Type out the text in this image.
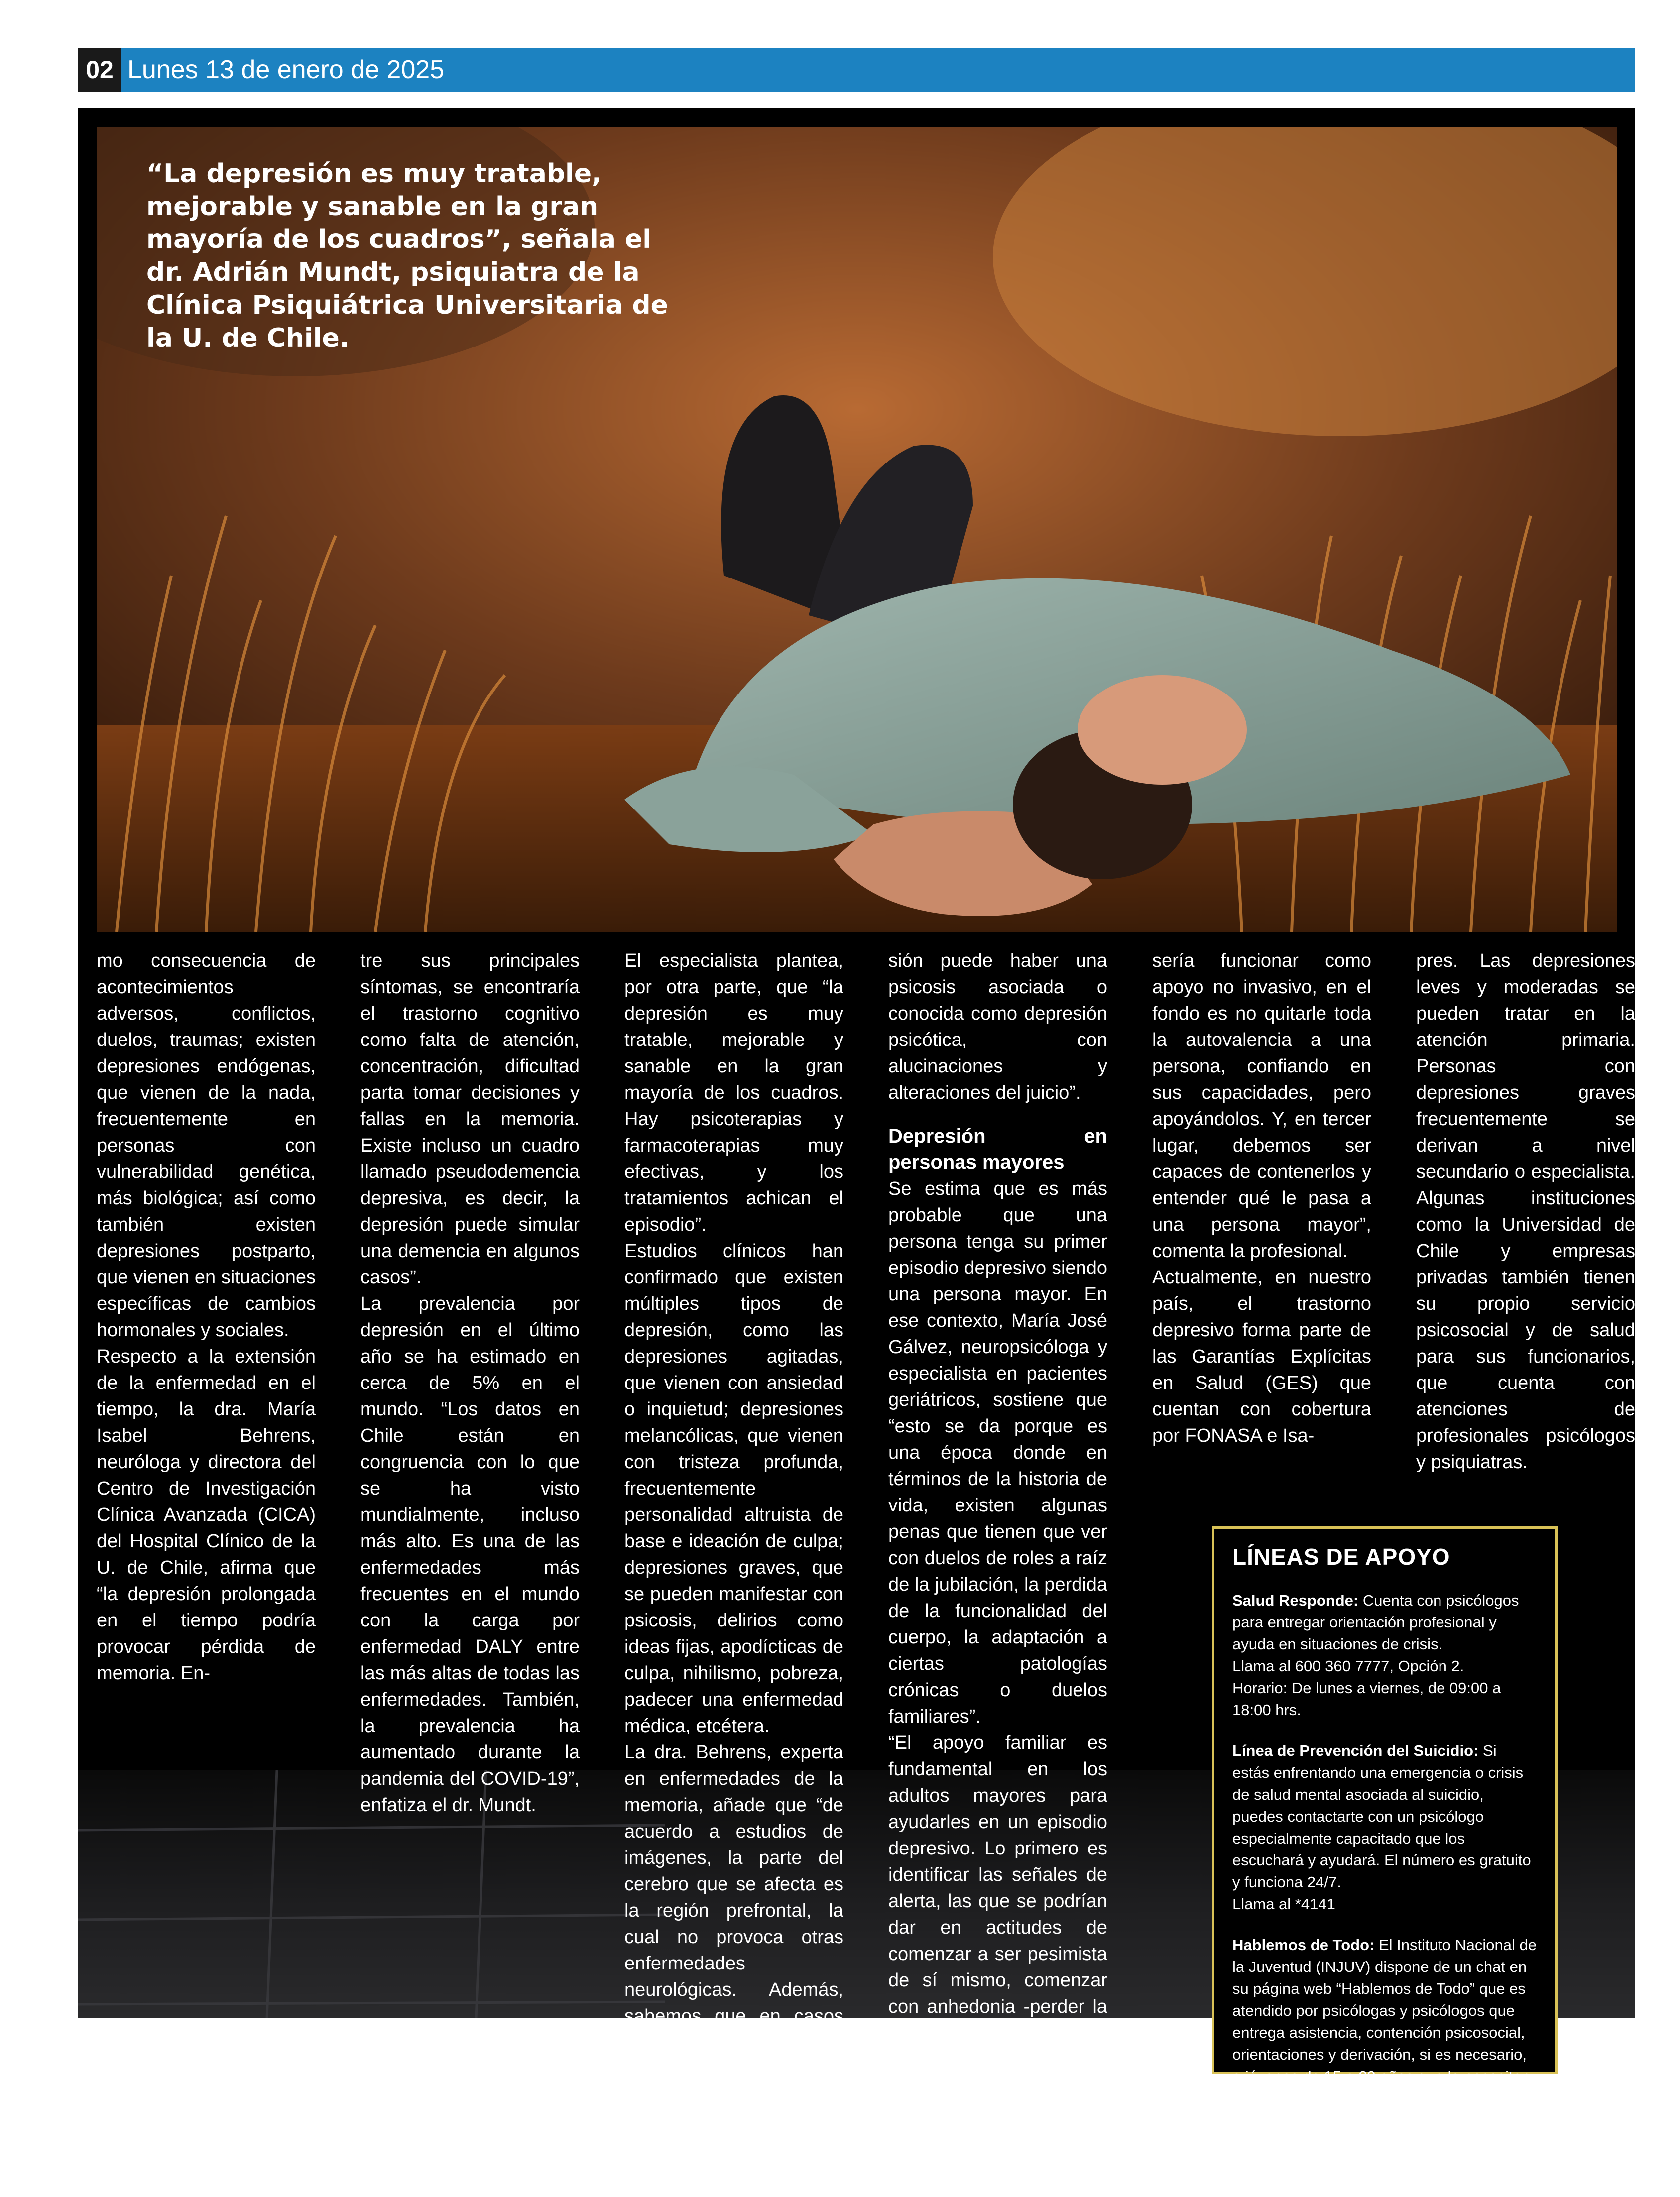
02 Lunes 13 de enero de 2025
“La depresión es muy tratable, mejorable y sanable en la gran mayoría de los cuadros”, señala el dr. Adrián Mundt, psiquiatra de la Clínica Psiquiátrica Universitaria de la U. de Chile.

mo consecuencia de acontecimientos adversos, conflictos, duelos, traumas; existen depresiones endógenas, que vienen de la nada, frecuentemente en personas con vulnerabilidad genética, más biológica; así como también existen depresiones postparto, que vienen en situaciones específicas de cambios hormonales y sociales.

Respecto a la extensión de la enfermedad en el tiempo, la dra. María Isabel Behrens, neuróloga y directora del Centro de Investigación Clínica Avanzada (CICA) del Hospital Clínico de la U. de Chile, afirma que “la depresión prolongada en el tiempo podría provocar pérdida de memoria. En-

tre sus principales síntomas, se encontraría el trastorno cognitivo como falta de atención, concentración, dificultad parta tomar decisiones y fallas en la memoria. Existe incluso un cuadro llamado pseudodemencia depresiva, es decir, la depresión puede simular una demencia en algunos casos”.

La prevalencia por depresión en el último año se ha estimado en cerca de 5% en el mundo. “Los datos en Chile están en congruencia con lo que se ha visto mundialmente, incluso más alto. Es una de las enfermedades más frecuentes en el mundo con la carga por enfermedad DALY entre las más altas de todas las enfermedades. También, la prevalencia ha aumentado durante la pandemia del COVID-19”, enfatiza el dr. Mundt.

El especialista plantea, por otra parte, que “la depresión es muy tratable, mejorable y sanable en la gran mayoría de los cuadros. Hay psicoterapias y farmacoterapias muy efectivas, y los tratamientos achican el episodio”.

Estudios clínicos han confirmado que existen múltiples tipos de depresión, como las depresiones agitadas, que vienen con ansiedad o inquietud; depresiones melancólicas, que vienen con tristeza profunda, frecuentemente personalidad altruista de base e ideación de culpa; depresiones graves, que se pueden manifestar con psicosis, delirios como ideas fijas, apodícticas de culpa, nihilismo, pobreza, padecer una enfermedad médica, etcétera.

La dra. Behrens, experta en enfermedades de la memoria, añade que “de acuerdo a estudios de imágenes, la parte del cerebro que se afecta es la región prefrontal, la cual no provoca otras enfermedades neurológicas. Además, sabemos que en casos severos de depre-

sión puede haber una psicosis asociada o conocida como depresión psicótica, con alucinaciones y alteraciones del juicio”.

Depresión en personas mayores

Se estima que es más probable que una persona tenga su primer episodio depresivo siendo una persona mayor. En ese contexto, María José Gálvez, neuropsicóloga y especialista en pacientes geriátricos, sostiene que “esto se da porque es una época donde en términos de la historia de vida, existen algunas penas que tienen que ver con duelos de roles a raíz de la jubilación, la perdida de la funcionalidad del cuerpo, la adaptación a ciertas patologías crónicas o duelos familiares”.

“El apoyo familiar es fundamental en los adultos mayores para ayudarles en un episodio depresivo. Lo primero es identificar las señales de alerta, las que se podrían dar en actitudes de comenzar a ser pesimista de sí mismo, comenzar con anhedonia -perder la capacidad del goce, de experimentar placer-. Segundo,

sería funcionar como apoyo no invasivo, en el fondo es no quitarle toda la autovalencia a una persona, confiando en sus capacidades, pero apoyándolos. Y, en tercer lugar, debemos ser capaces de contenerlos y entender qué le pasa a una persona mayor”, comenta la profesional.

Actualmente, en nuestro país, el trastorno depresivo forma parte de las Garantías Explícitas en Salud (GES) que cuentan con cobertura por FONASA e Isa-

pres. Las depresiones leves y moderadas se pueden tratar en la atención primaria. Personas con depresiones graves frecuentemente se derivan a nivel secundario o especialista. Algunas instituciones como la Universidad de Chile y empresas privadas también tienen su propio servicio psicosocial y de salud para sus funcionarios, que cuenta con atenciones de profesionales psicólogos y psiquiatras.

LÍNEAS DE APOYO

Salud Responde: Cuenta con psicólogos para entregar orientación profesional y ayuda en situaciones de crisis.

Llama al 600 360 7777, Opción 2.

Horario: De lunes a viernes, de 09:00 a 18:00 hrs.

Línea de Prevención del Suicidio: Si estás enfrentando una emergencia o crisis de salud mental asociada al suicidio, puedes contactarte con un psicólogo especialmente capacitado que los escuchará y ayudará. El número es gratuito y funciona 24/7.

Llama al *4141

Hablemos de Todo: El Instituto Nacional de la Juventud (INJUV) dispone de un chat en su página web “Hablemos de Todo” que es atendido por psicólogas y psicólogos que entrega asistencia, contención psicosocial, orientaciones y derivación, si es necesario, a jóvenes de 15 a 29 años que lo necesiten.

El chat se encuentra disponible en su sitio web en los siguientes horarios:

Lunes a viernes: De 10:00 a 21:00 hrs.

Sábados: De 11:00 a 17:00 hrs.

(Fuente: Imhay)
